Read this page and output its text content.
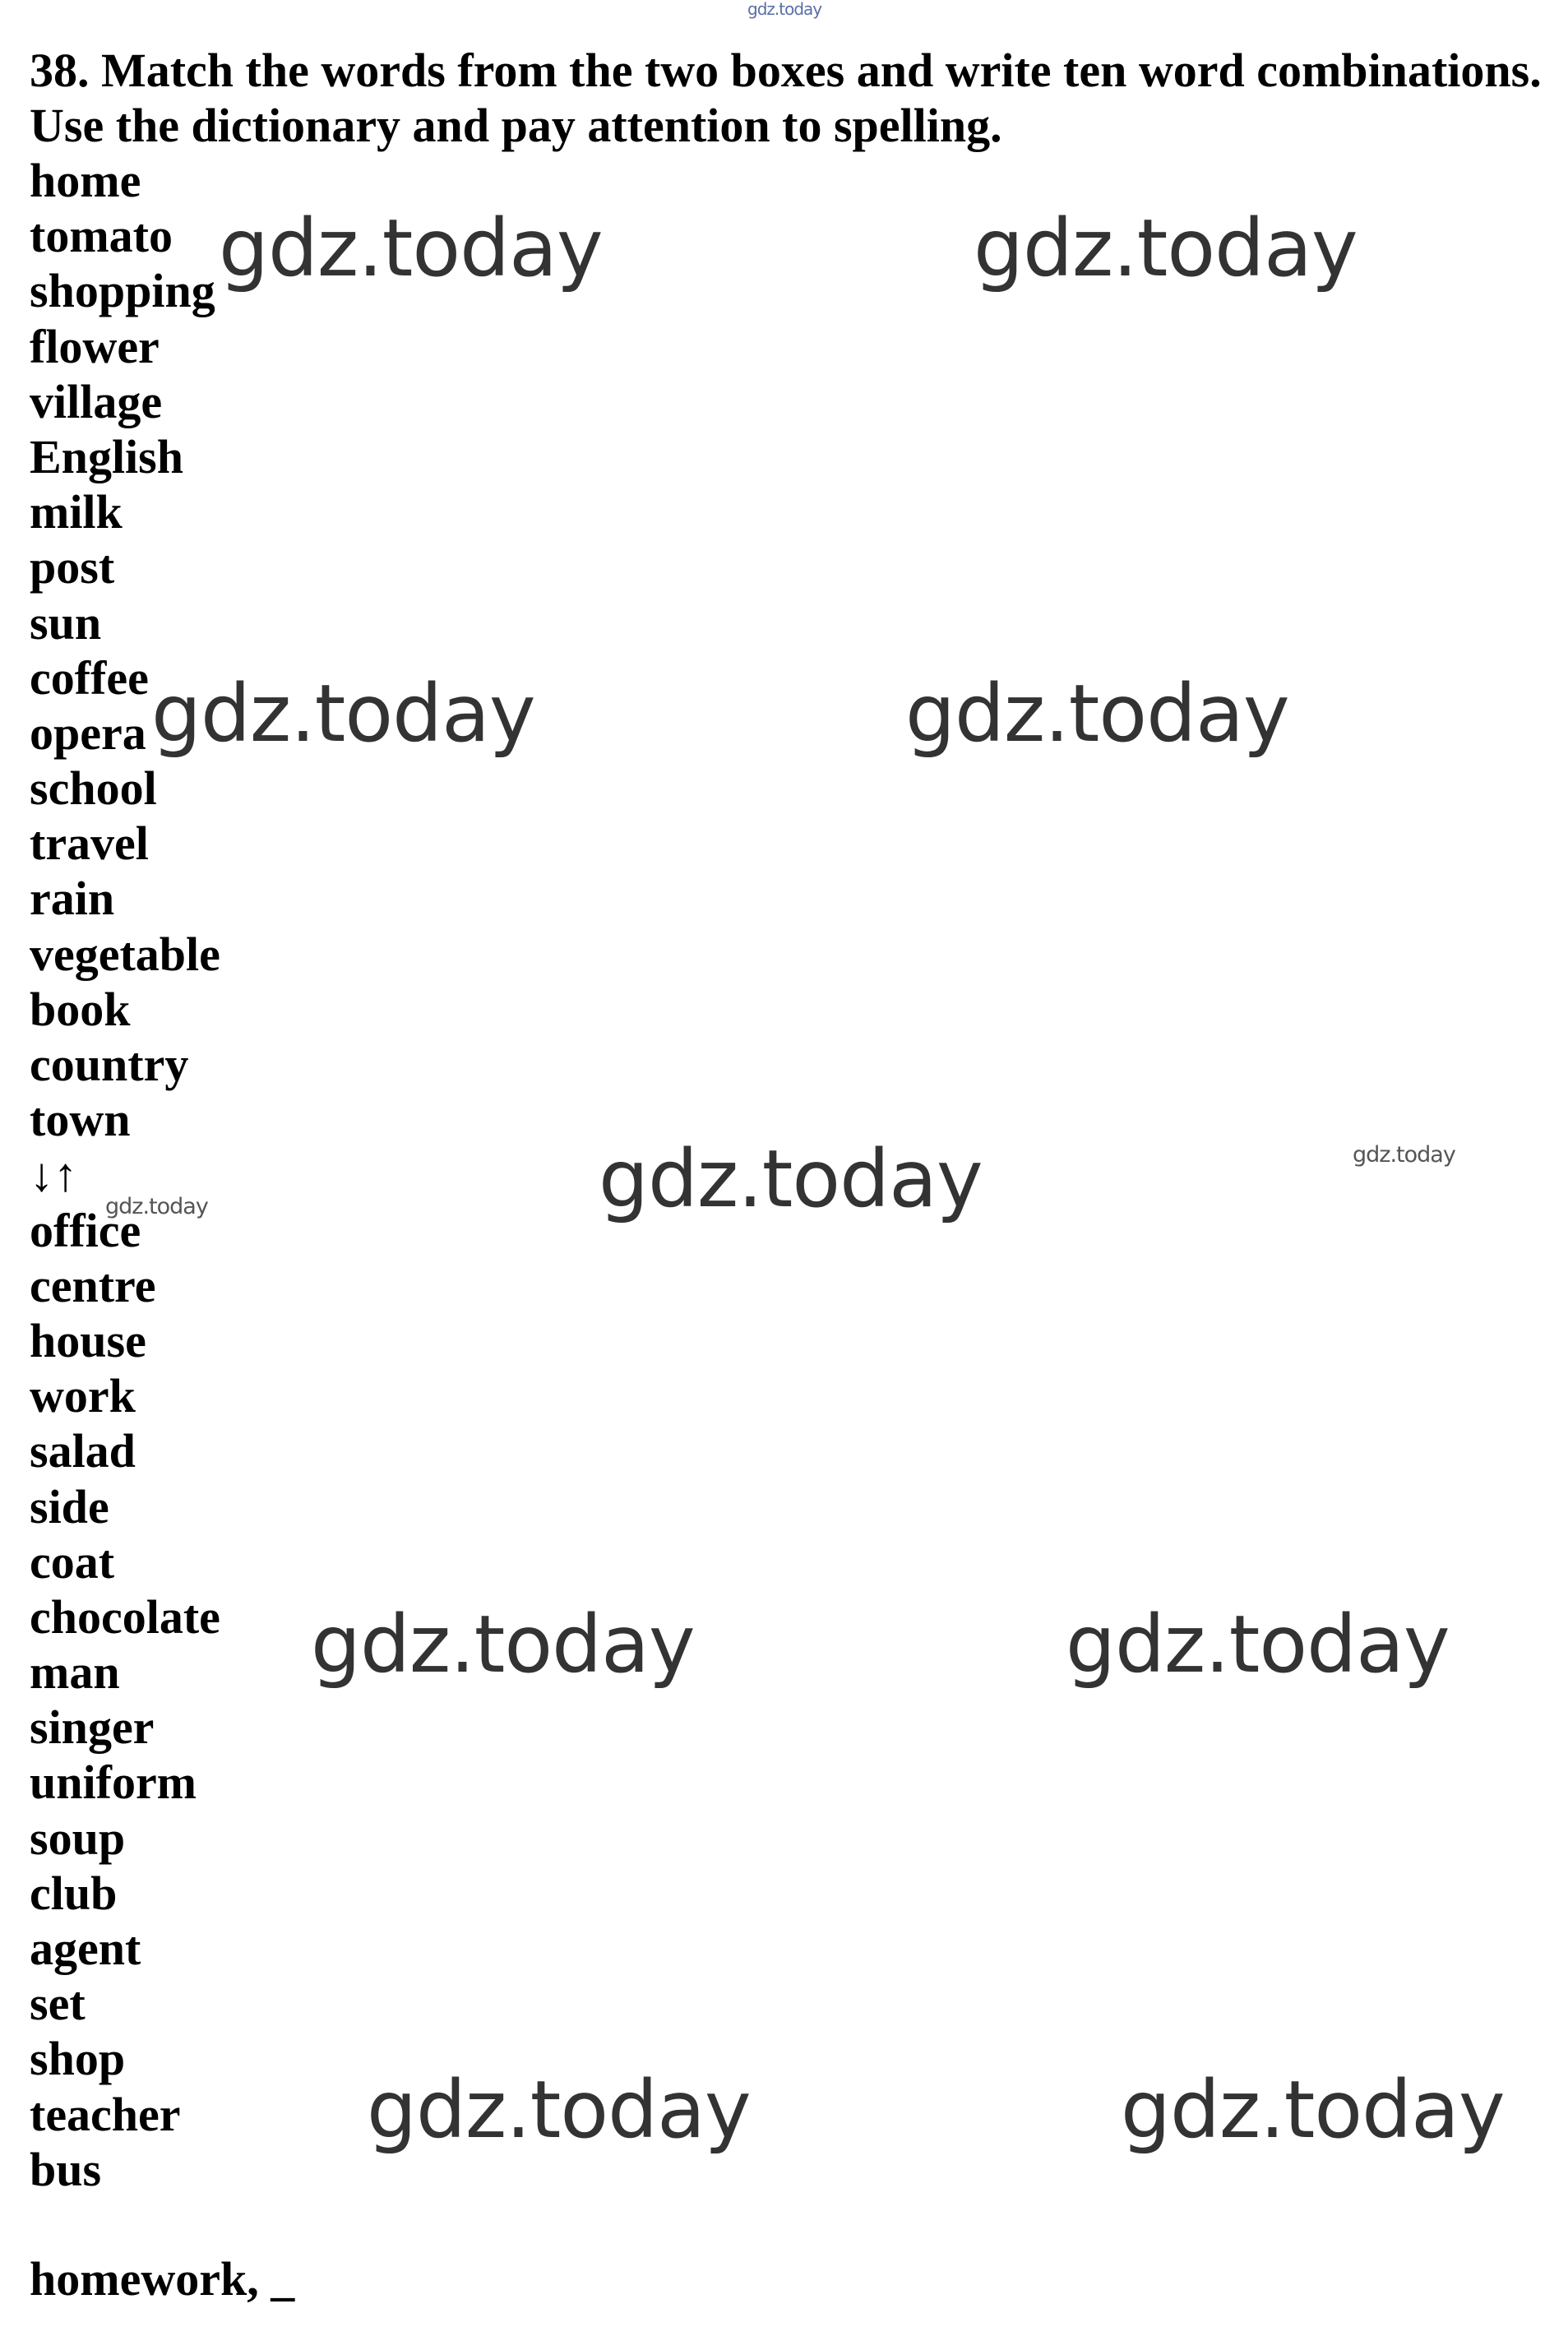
gdz.today
38. Match the words from the two boxes and write ten word combinations.
Use the dictionary and pay attention to spelling.
home
tomato
shopping
flower
village
English
milk
post
sun
coffee
opera
school
travel
rain
vegetable
book
country
town
↓↑
office
centre
house
work
salad
side
coat
chocolate
man
singer
uniform
soup
club
agent
set
shop
teacher
bus
homework, _
gdz.today	gdz.today
gdz.today	gdz.today
gdz.today	gdz.today
gdz.today
gdz.today	gdz.today
gdz.today	gdz.today
